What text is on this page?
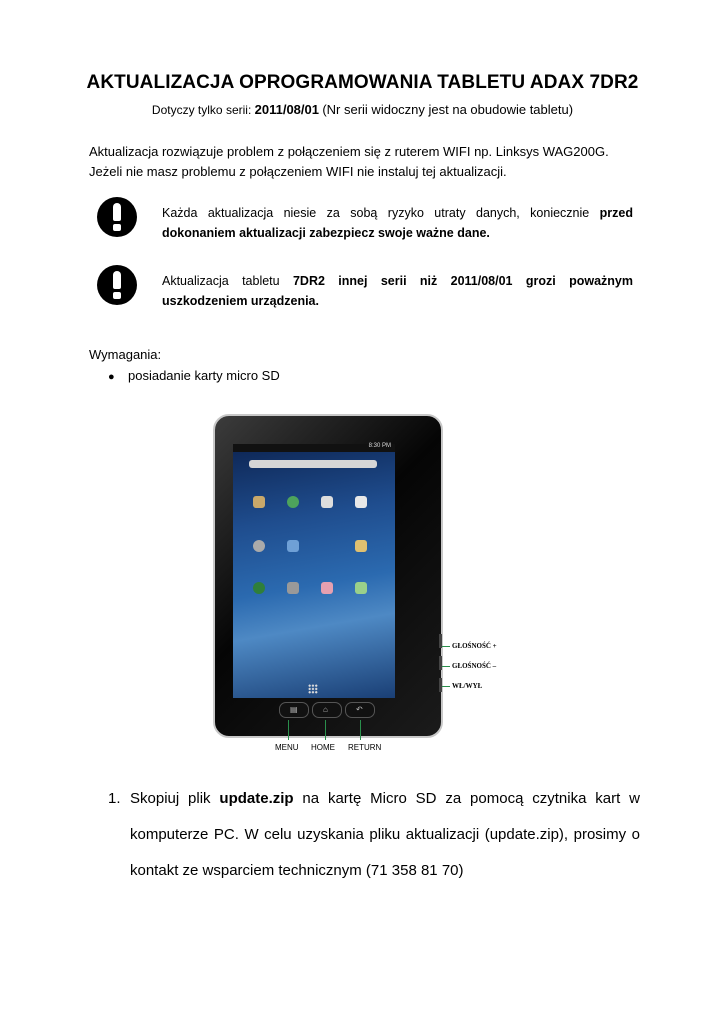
AKTUALIZACJA OPROGRAMOWANIA TABLETU ADAX 7DR2
Dotyczy tylko serii: 2011/08/01 (Nr serii widoczny jest na obudowie tabletu)
Aktualizacja rozwiązuje problem z połączeniem się z ruterem WIFI np. Linksys WAG200G.
Jeżeli nie masz problemu z połączeniem WIFI nie instaluj tej aktualizacji.
Każda aktualizacja niesie za sobą ryzyko utraty danych, koniecznie przed dokonaniem aktualizacji zabezpiecz swoje ważne dane.
Aktualizacja tabletu 7DR2 innej serii niż 2011/08/01 grozi poważnym uszkodzeniem urządzenia.
Wymagania:
● posiadanie karty micro SD
8:30 PM
▤	⌂	↶
GŁOŚNOŚĆ +
GŁOŚNOŚĆ –
WŁ/WYŁ
MENU HOME RETURN
1. Skopiuj plik update.zip na kartę Micro SD za pomocą czytnika kart w komputerze PC. W celu uzyskania pliku aktualizacji (update.zip), prosimy o kontakt ze wsparciem technicznym (71 358 81 70)
